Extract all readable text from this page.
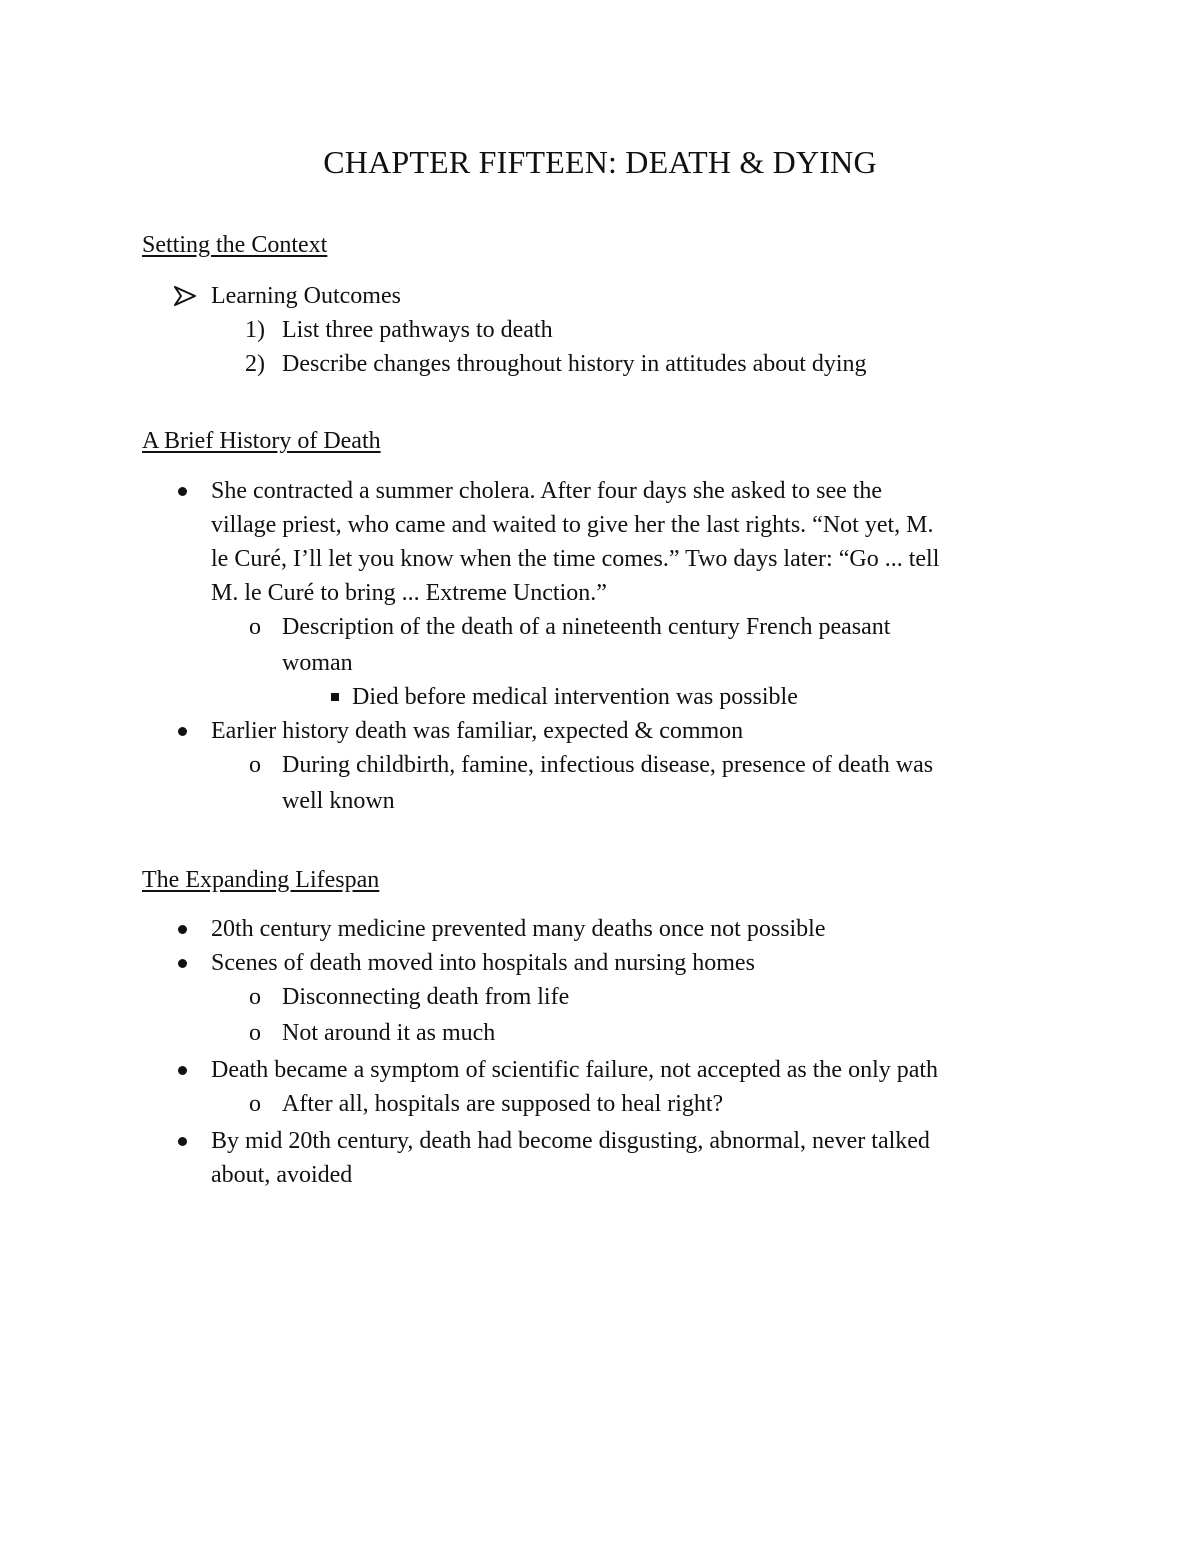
CHAPTER FIFTEEN: DEATH & DYING
Setting the Context
Learning Outcomes
1) List three pathways to death
2) Describe changes throughout history in attitudes about dying
A Brief History of Death
She contracted a summer cholera. After four days she asked to see the
village priest, who came and waited to give her the last rights. “Not yet, M.
le Curé, I’ll let you know when the time comes.” Two days later: “Go ... tell
M. le Curé to bring ... Extreme Unction.”
o Description of the death of a nineteenth century French peasant
woman
Died before medical intervention was possible
Earlier history death was familiar, expected & common
o During childbirth, famine, infectious disease, presence of death was
well known
The Expanding Lifespan
20th century medicine prevented many deaths once not possible
Scenes of death moved into hospitals and nursing homes
o Disconnecting death from life
o Not around it as much
Death became a symptom of scientific failure, not accepted as the only path
o After all, hospitals are supposed to heal right?
By mid 20th century, death had become disgusting, abnormal, never talked
about, avoided
